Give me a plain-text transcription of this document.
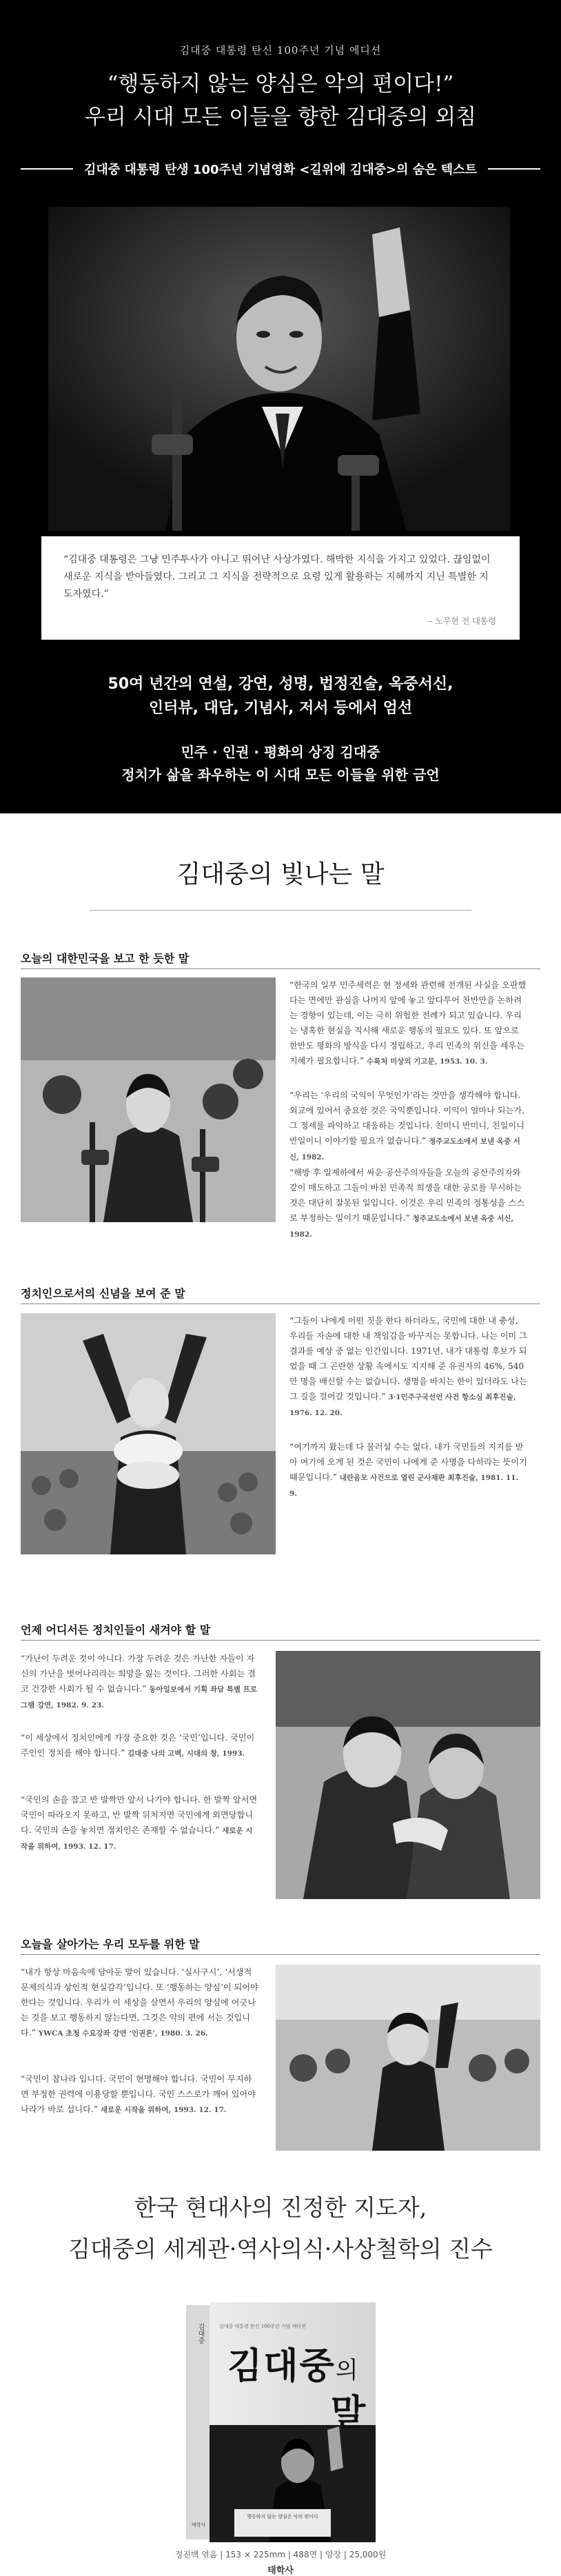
김대중 대통령 탄신 100주년 기념 에디션
“행동하지 않는 양심은 악의 편이다!”
우리 시대 모든 이들을 향한 김대중의 외침
김대중 대통령 탄생 100주년 기념영화 <길위에 김대중>의 숨은 텍스트
“김대중 대통령은 그냥 민주투사가 아니고 뛰어난 사상가였다. 해박한 지식을 가지고 있었다. 끊임없이 새로운 지식을 받아들였다. 그리고 그 지식을 전략적으로 요령 있게 활용하는 지혜까지 지닌 특별한 지도자였다.”
– 노무현 전 대통령
50여 년간의 연설, 강연, 성명, 법정진술, 옥중서신,
인터뷰, 대담, 기념사, 저서 등에서 엄선
민주 · 인권 · 평화의 상징 김대중
정치가 삶을 좌우하는 이 시대 모든 이들을 위한 금언
김대중의 빛나는 말
오늘의 대한민국을 보고 한 듯한 말
“한국의 일부 민주세력은 현 정세와 관련해 전개된 사실을 오판했다는 면에만 관심을 나머지 앞에 놓고 앞다투어 찬반만을 논하려는 경향이 있는데, 이는 극히 위험한 전례가 되고 있습니다. 우리는 냉혹한 현실을 직시해 새로운 행동의 필요도 있다. 또 앞으로 한반도 평화의 방식을 다시 정립하고, 우리 민족의 위신을 세우는 지혜가 필요합니다.” 수록처 미상의 기고문, 1953. 10. 3.
“우리는 ‘우리의 국익이 무엇인가’라는 것만을 생각해야 합니다. 외교에 있어서 중요한 것은 국익뿐입니다. 이익이 얼마나 되는가, 그 정세를 파악하고 대응하는 것입니다. 친미니 반미니, 친일이니 반일이니 이야기할 필요가 없습니다.” 정주교도소에서 보낸 옥중 서신, 1982.
“해방 후 일제하에서 싸운 공산주의자들을 오늘의 공산주의자와 같이 매도하고 그들이 바친 민족적 희생을 대한 공로를 무시하는 것은 대단히 잘못된 일입니다. 이것은 우리 민족의 정통성을 스스로 부정하는 일이기 때문입니다.” 청주교도소에서 보낸 옥중 서신, 1982.
정치인으로서의 신념을 보여 준 말
“그들이 나에게 어떤 짓을 한다 하더라도, 국민에 대한 내 충성, 우리들 자손에 대한 내 책임감을 바꾸지는 못합니다. 나는 이미 그 결과를 예상 중 없는 인간입니다. 1971년, 내가 대통령 후보가 되었을 때 그 곤란한 상황 속에서도 지지해 준 유권자의 46%, 540만 명을 배신할 수는 없습니다. 생명을 바치는 한이 있더라도 나는 그 길을 걸어갈 것입니다.” 3·1민주구국선언 사건 항소심 최후진술, 1976. 12. 20.
“여기까지 왔는데 다 물러설 수는 없다. 내가 국민들의 지지를 받아 여기에 오게 된 것은 국민이 나에게 준 사명을 다하라는 뜻이기 때문입니다.” 내란음모 사건으로 열린 군사재판 최후진술, 1981. 11. 9.
언제 어디서든 정치인들이 새겨야 할 말
“가난이 두려운 것이 아니다. 가장 두려운 것은 가난한 자들이 자신의 가난을 벗어나리라는 희망을 잃는 것이다. 그러한 사회는 결코 건강한 사회가 될 수 없습니다.” 동아일보에서 기획 좌담 특별 프로그램 강연, 1982. 9. 23.
“이 세상에서 정치인에게 가장 중요한 것은 ‘국민’입니다. 국민이 주인인 정치를 해야 합니다.” 김대중 나의 고백, 시대의 창, 1993.
“국민의 손을 잡고 반 발짝만 앞서 나가야 합니다. 한 발짝 앞서면 국민이 따라오지 못하고, 반 발짝 뒤처지면 국민에게 외면당합니다. 국민의 손을 놓치면 정치인은 존재할 수 없습니다.” 새로운 시작을 위하여, 1993. 12. 17.
오늘을 살아가는 우리 모두를 위한 말
“내가 항상 마음속에 담아둔 말이 있습니다. ‘실사구시’, ‘서생적 문제의식과 상인적 현실감각’입니다. 또 ‘행동하는 양심’이 되어야 한다는 것입니다. 우리가 이 세상을 살면서 우리의 양심에 어긋나는 것을 보고 행동하지 않는다면, 그것은 악의 편에 서는 것입니다.” YWCA 초청 수요강좌 강연 ‘인권론’, 1980. 3. 26.
“국민이 참나라 입니다. 국민이 현명해야 합니다. 국민이 무지하면 부정한 권력에 이용당할 뿐입니다. 국민 스스로가 깨어 있어야 나라가 바로 섭니다.” 새로운 시작을 위하여, 1993. 12. 17.
한국 현대사의 진정한 지도자,
김대중의 세계관·역사의식·사상철학의 진수
김대중의
말
김대중 대통령 탄신 100주년 기념 에디션
김대중
행동하지 않는 양심은 악의 편이다
태학사
정진백 엮음 | 153 × 225mm | 488면 | 양장 | 25,000원
태학사
